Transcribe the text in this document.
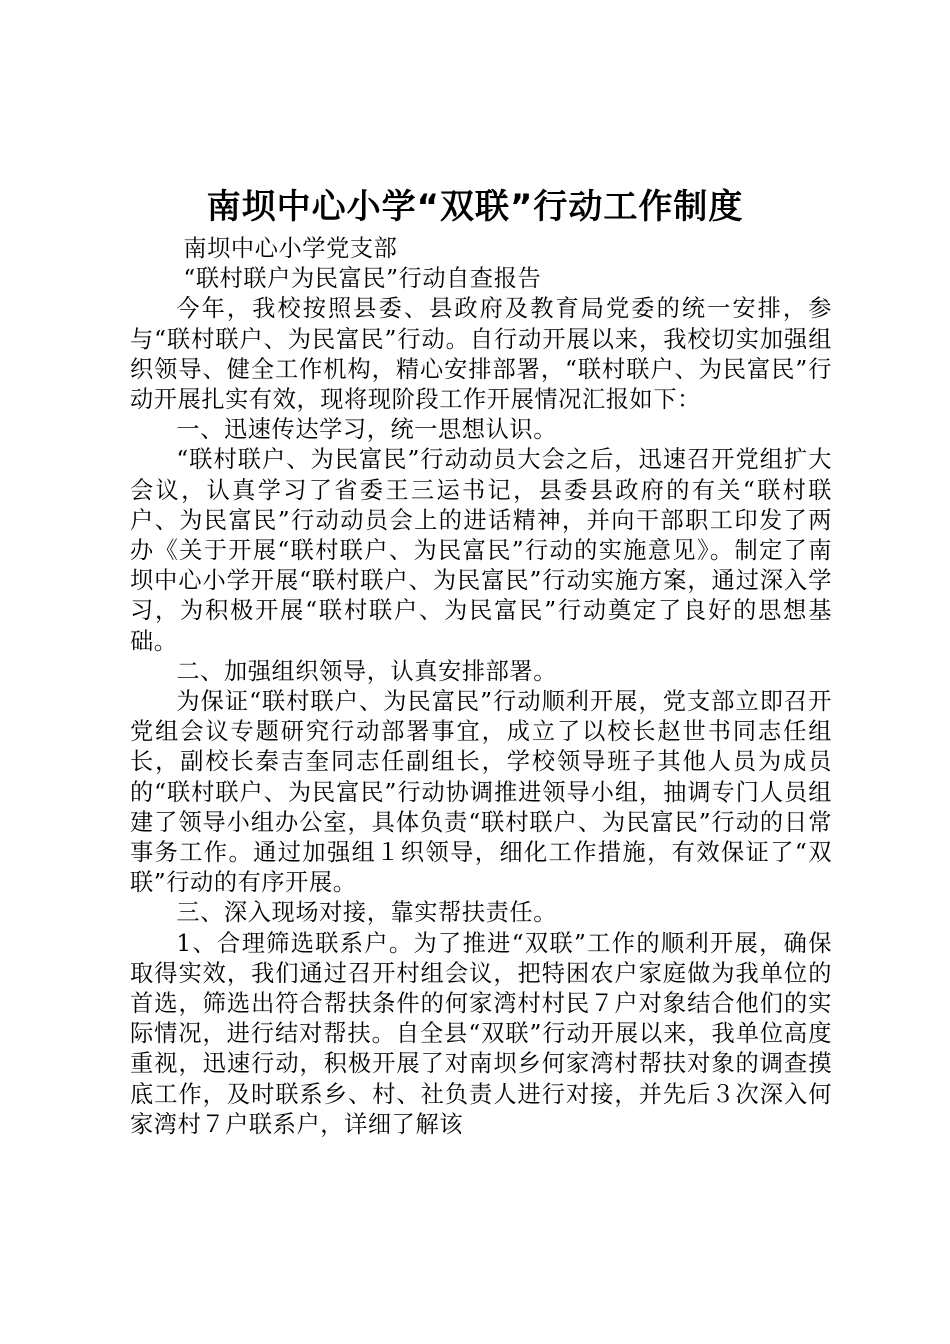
南坝中心小学“双联”行动工作制度

南坝中心小学党支部

“联村联户为民富民”行动自查报告

今年，我校按照县委、县政府及教育局党委的统一安排，参与“联村联户、为民富民”行动。自行动开展以来，我校切实加强组织领导、健全工作机构，精心安排部署，“联村联户、为民富民”行动开展扎实有效，现将现阶段工作开展情况汇报如下：

一、迅速传达学习，统一思想认识。

“联村联户、为民富民”行动动员大会之后，迅速召开党组扩大会议，认真学习了省委王三运书记，县委县政府的有关“联村联户、为民富民”行动动员会上的进话精神，并向干部职工印发了两办《关于开展“联村联户、为民富民”行动的实施意见》。制定了南坝中心小学开展“联村联户、为民富民”行动实施方案，通过深入学习，为积极开展“联村联户、为民富民”行动奠定了良好的思想基础。

二、加强组织领导，认真安排部署。

为保证“联村联户、为民富民”行动顺利开展，党支部立即召开党组会议专题研究行动部署事宜，成立了以校长赵世书同志任组长，副校长秦吉奎同志任副组长，学校领导班子其他人员为成员的“联村联户、为民富民”行动协调推进领导小组，抽调专门人员组建了领导小组办公室，具体负责“联村联户、为民富民”行动的日常事务工作。通过加强组１织领导，细化工作措施，有效保证了“双联”行动的有序开展。

三、深入现场对接，靠实帮扶责任。

1、合理筛选联系户。为了推进“双联”工作的顺利开展，确保取得实效，我们通过召开村组会议，把特困农户家庭做为我单位的首选，筛选出符合帮扶条件的何家湾村村民７户对象结合他们的实际情况，进行结对帮扶。自全县“双联”行动开展以来，我单位高度重视，迅速行动，积极开展了对南坝乡何家湾村帮扶对象的调查摸底工作，及时联系乡、村、社负责人进行对接，并先后３次深入何家湾村７户联系户，详细了解该
